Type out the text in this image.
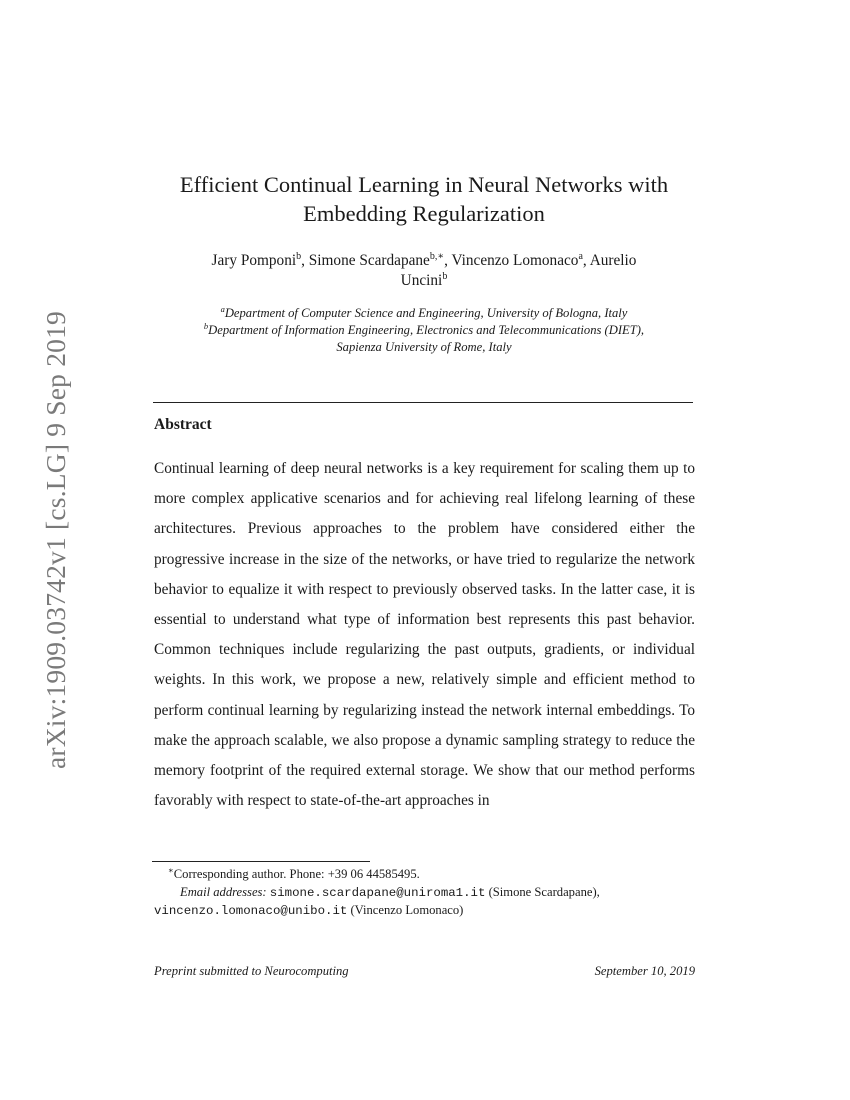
arXiv:1909.03742v1 [cs.LG] 9 Sep 2019
Efficient Continual Learning in Neural Networks with
Embedding Regularization
Jary Pomponi$^b$, Simone Scardapane$^{b,∗}$, Vincenzo Lomonaco$^a$, Aurelio
Uncini$^b$
$^a$Department of Computer Science and Engineering, University of Bologna, Italy
$^b$Department of Information Engineering, Electronics and Telecommunications (DIET),
Sapienza University of Rome, Italy
Abstract
Continual learning of deep neural networks is a key requirement for scaling them up to more complex applicative scenarios and for achieving real lifelong learning of these architectures. Previous approaches to the problem have considered either the progressive increase in the size of the networks, or have tried to regularize the network behavior to equalize it with respect to previously observed tasks. In the latter case, it is essential to understand what type of information best represents this past behavior. Common techniques include regularizing the past outputs, gradients, or individual weights. In this work, we propose a new, relatively simple and efficient method to perform continual learning by regularizing instead the network internal embeddings. To make the approach scalable, we also propose a dynamic sampling strategy to reduce the memory footprint of the required external storage. We show that our method performs favorably with respect to state-of-the-art approaches in
∗Corresponding author. Phone: +39 06 44585495.
Email addresses: simone.scardapane@uniroma1.it (Simone Scardapane),
vincenzo.lomonaco@unibo.it (Vincenzo Lomonaco)
Preprint submitted to Neurocomputing	September 10, 2019
